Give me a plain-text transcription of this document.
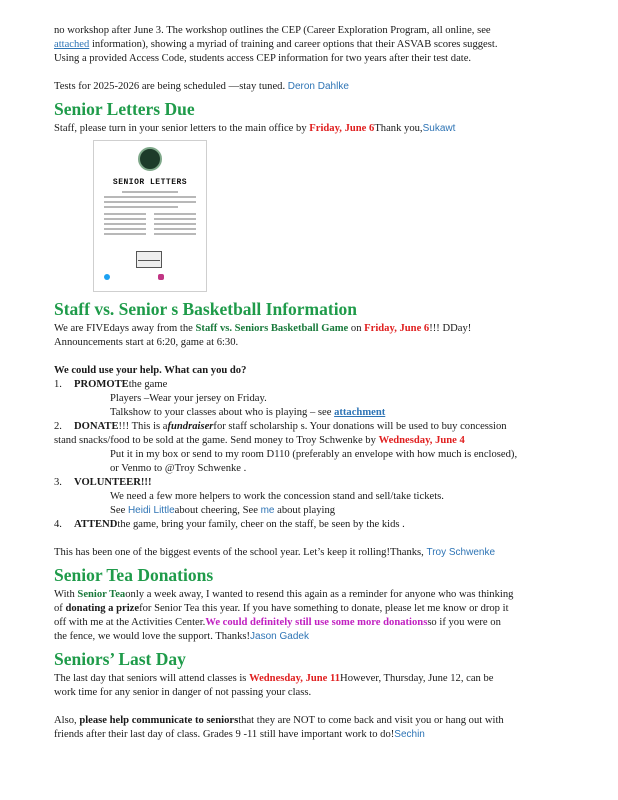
no workshop after June 3. The workshop outlines the CEP (Career Exploration Program, all online, see

attached information), showing a myriad of training and career options that their ASVAB scores suggest.

Using a provided Access Code, students access CEP information for two years after their test date.

Tests for 2025-2026 are being scheduled —stay tuned. Deron Dahlke

Senior Letters Due

Staff, please turn in your senior letters to the main office by Friday, June 6Thank you,Sukawt

SENIOR LETTERS
Staff vs. Senior s Basketball Information

We are FIVEdays away from the Staff vs. Seniors Basketball Game on Friday, June 6!!! DDay!

Announcements start at 6:20, game at 6:30.

We could use your help. What can you do?

1. PROMOTEthe game
Players –Wear your jersey on Friday.
Talkshow to your classes about who is playing – see attachment
2. DONATE!!! This is afundraiserfor staff scholarship s. Your donations will be used to buy concession
stand snacks/food to be sold at the game. Send money to Troy Schwenke by Wednesday, June 4
Put it in my box or send to my room D110 (preferably an envelope with how much is enclosed),
or Venmo to @Troy Schwenke .
3. VOLUNTEER!!!
We need a few more helpers to work the concession stand and sell/take tickets.
See Heidi Littleabout cheering, See me about playing
4. ATTENDthe game, bring your family, cheer on the staff, be seen by the kids .

This has been one of the biggest events of the school year. Let’s keep it rolling!Thanks, Troy Schwenke

Senior Tea Donations

With Senior Teaonly a week away, I wanted to resend this again as a reminder for anyone who was thinking

of donating a prizefor Senior Tea this year. If you have something to donate, please let me know or drop it

off with me at the Activities Center.We could definitely still use some more donationsso if you were on

the fence, we would love the support. Thanks!Jason Gadek

Seniors’ Last Day

The last day that seniors will attend classes is Wednesday, June 11However, Thursday, June 12, can be

work time for any senior in danger of not passing your class.

Also, please help communicate to seniorsthat they are NOT to come back and visit you or hang out with

friends after their last day of class. Grades 9 -11 still have important work to do!Sechin
